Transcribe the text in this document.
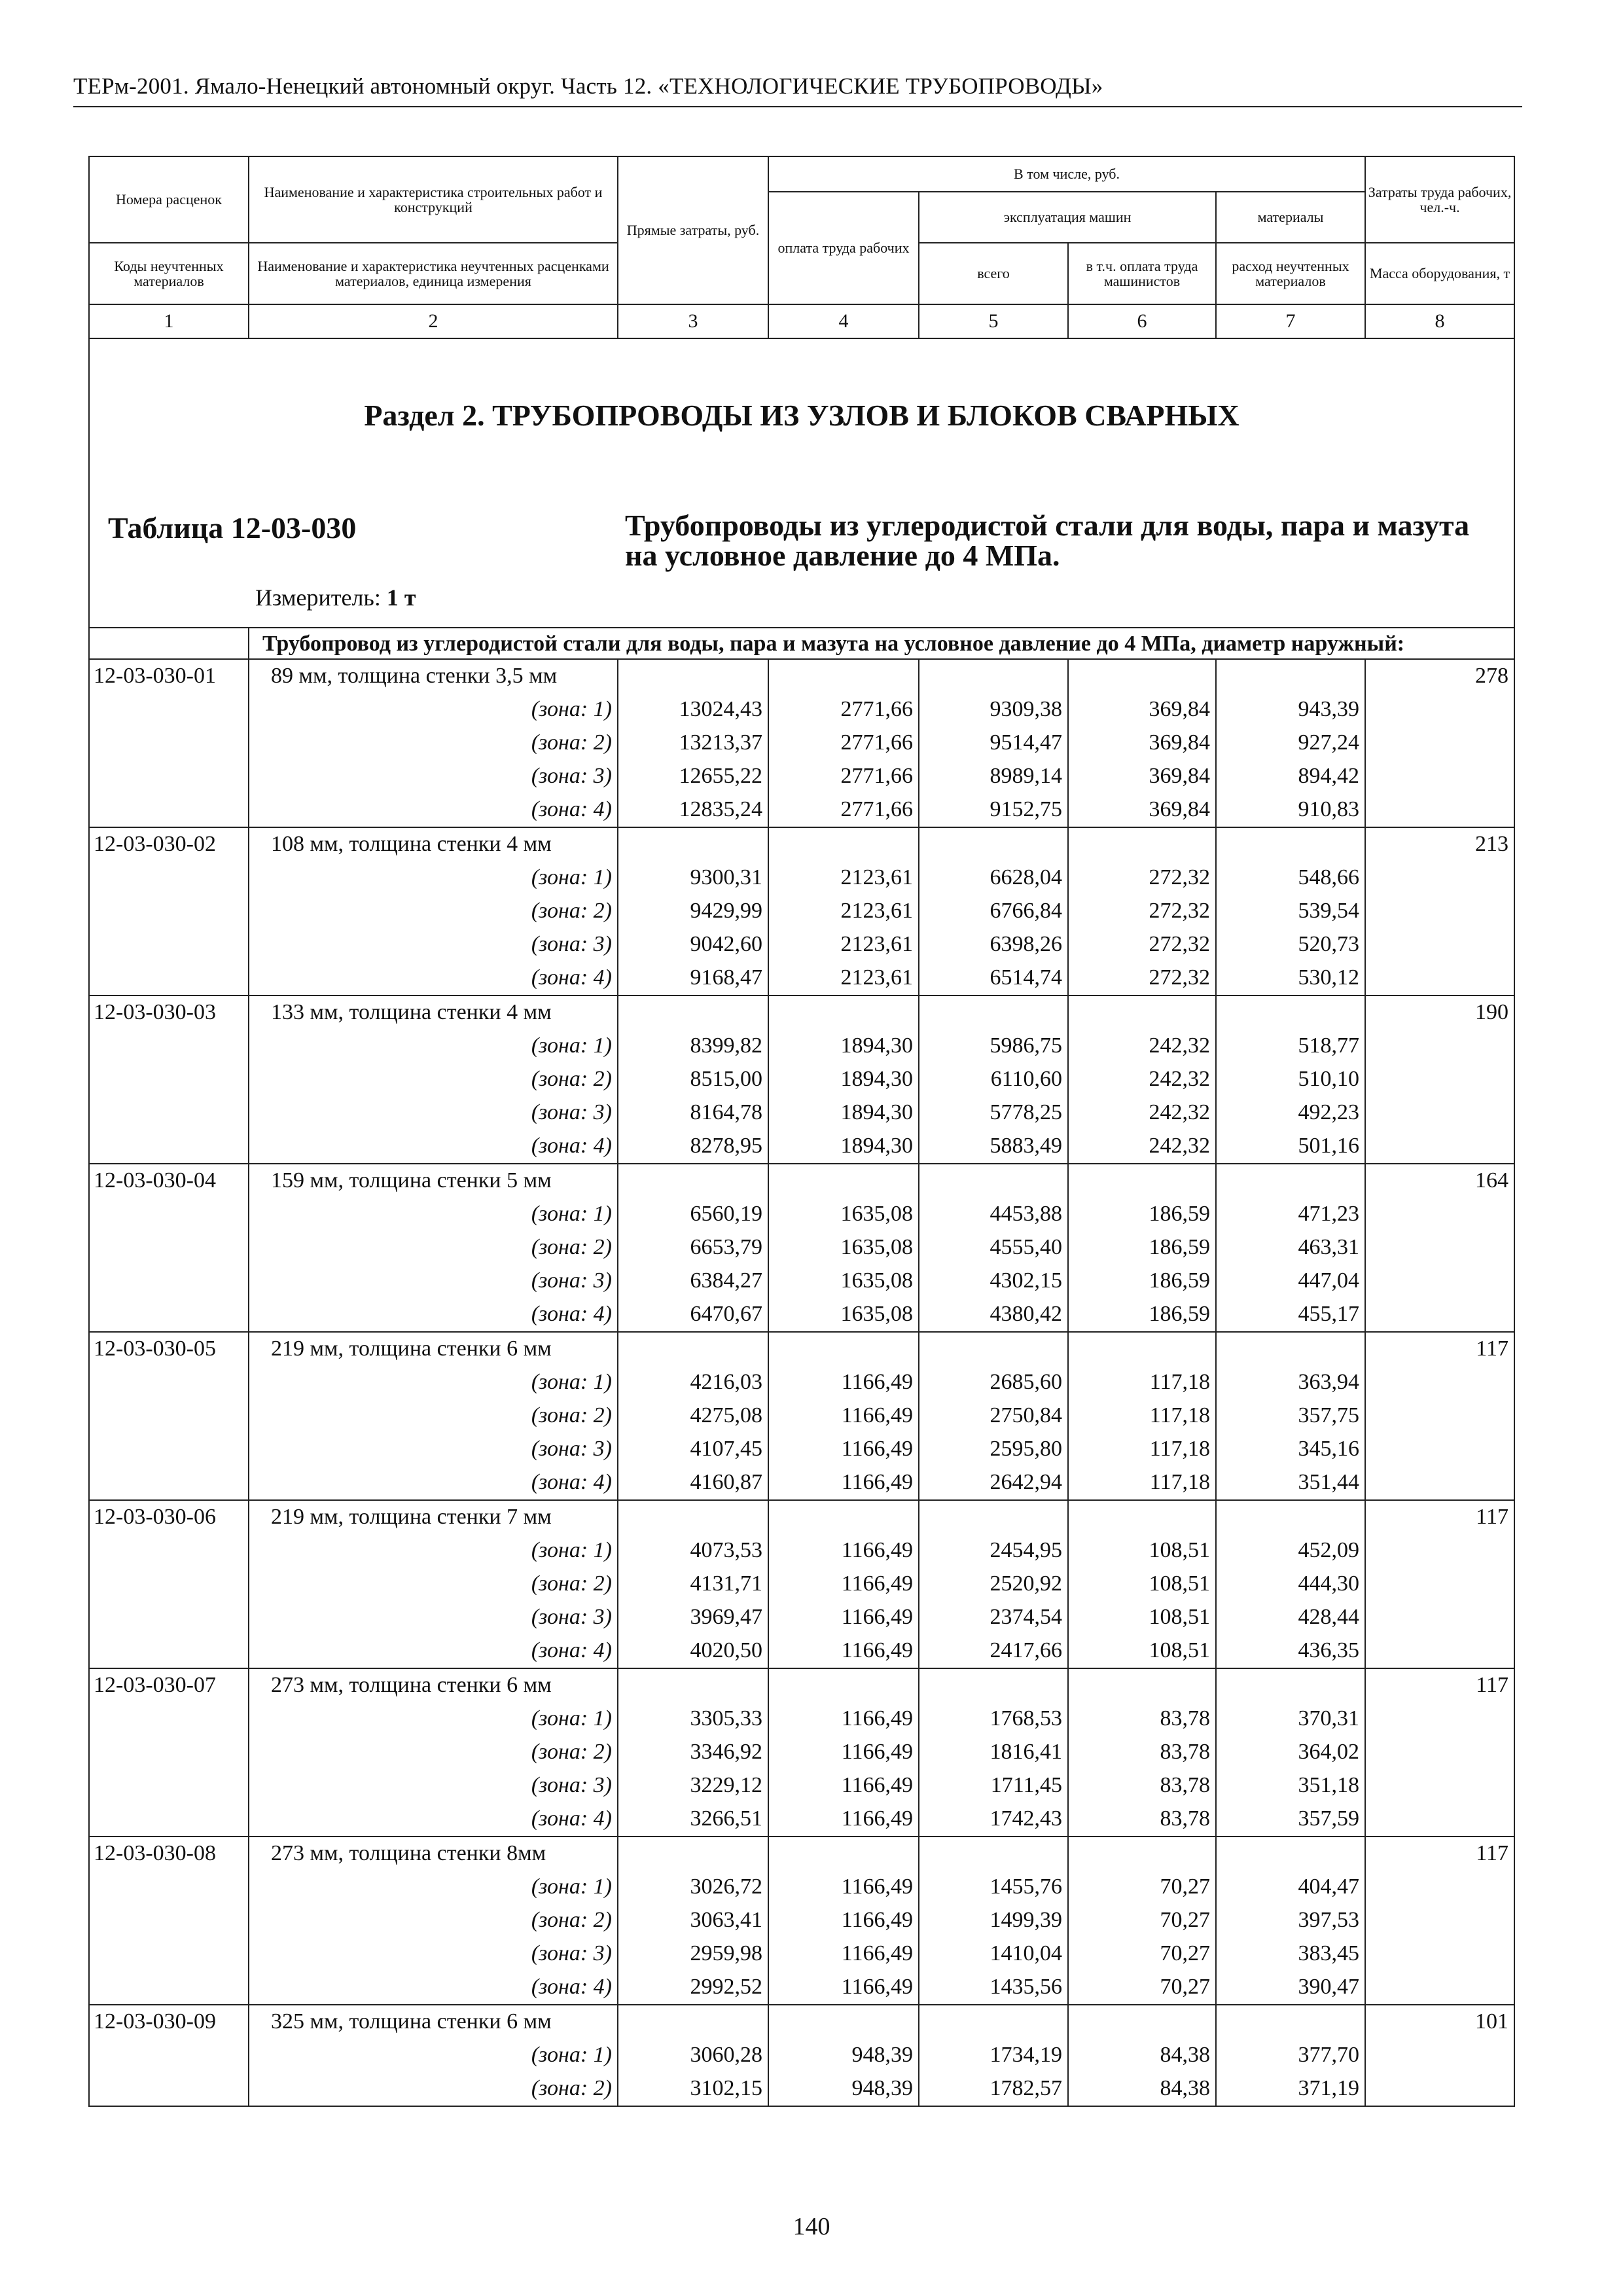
ТЕРм-2001. Ямало-Ненецкий автономный округ. Часть 12. «ТЕХНОЛОГИЧЕСКИЕ ТРУБОПРОВОДЫ»
Номера расценок	Наименование и характеристика строительных работ и конструкций	Прямые затраты, руб.	В том числе, руб.				Затраты труда рабочих, чел.-ч.
			оплата труда рабочих	эксплуатация машин		материалы	
Коды неучтенных материалов	Наименование и характеристика неучтенных расценками материалов, единица измерения			всего	в т.ч. оплата труда машинистов	расход неучтенных материалов	Масса оборудования, т
1	2	3	4	5	6	7	8

Раздел 2. ТРУБОПРОВОДЫ ИЗ УЗЛОВ И БЛОКОВ СВАРНЫХ
Таблица 12-03-030 Трубопроводы из углеродистой стали для воды, пара и мазута на условное давление до 4 МПа.
Измеритель: 1 т							

	Трубопровод из углеродистой стали для воды, пара и мазута на условное давление до 4 МПа, диаметр наружный:						
12-03-030-01	89 мм, толщина стенки 3,5 мм						278
	(зона: 1)	13024,43	2771,66	9309,38	369,84	943,39	
	(зона: 2)	13213,37	2771,66	9514,47	369,84	927,24	
	(зона: 3)	12655,22	2771,66	8989,14	369,84	894,42	
	(зона: 4)	12835,24	2771,66	9152,75	369,84	910,83	
12-03-030-02	108 мм, толщина стенки 4 мм						213
	(зона: 1)	9300,31	2123,61	6628,04	272,32	548,66	
	(зона: 2)	9429,99	2123,61	6766,84	272,32	539,54	
	(зона: 3)	9042,60	2123,61	6398,26	272,32	520,73	
	(зона: 4)	9168,47	2123,61	6514,74	272,32	530,12	
12-03-030-03	133 мм, толщина стенки 4 мм						190
	(зона: 1)	8399,82	1894,30	5986,75	242,32	518,77	
	(зона: 2)	8515,00	1894,30	6110,60	242,32	510,10	
	(зона: 3)	8164,78	1894,30	5778,25	242,32	492,23	
	(зона: 4)	8278,95	1894,30	5883,49	242,32	501,16	
12-03-030-04	159 мм, толщина стенки 5 мм						164
	(зона: 1)	6560,19	1635,08	4453,88	186,59	471,23	
	(зона: 2)	6653,79	1635,08	4555,40	186,59	463,31	
	(зона: 3)	6384,27	1635,08	4302,15	186,59	447,04	
	(зона: 4)	6470,67	1635,08	4380,42	186,59	455,17	
12-03-030-05	219 мм, толщина стенки 6 мм						117
	(зона: 1)	4216,03	1166,49	2685,60	117,18	363,94	
	(зона: 2)	4275,08	1166,49	2750,84	117,18	357,75	
	(зона: 3)	4107,45	1166,49	2595,80	117,18	345,16	
	(зона: 4)	4160,87	1166,49	2642,94	117,18	351,44	
12-03-030-06	219 мм, толщина стенки 7 мм						117
	(зона: 1)	4073,53	1166,49	2454,95	108,51	452,09	
	(зона: 2)	4131,71	1166,49	2520,92	108,51	444,30	
	(зона: 3)	3969,47	1166,49	2374,54	108,51	428,44	
	(зона: 4)	4020,50	1166,49	2417,66	108,51	436,35	
12-03-030-07	273 мм, толщина стенки 6 мм						117
	(зона: 1)	3305,33	1166,49	1768,53	83,78	370,31	
	(зона: 2)	3346,92	1166,49	1816,41	83,78	364,02	
	(зона: 3)	3229,12	1166,49	1711,45	83,78	351,18	
	(зона: 4)	3266,51	1166,49	1742,43	83,78	357,59	
12-03-030-08	273 мм, толщина стенки 8мм						117
	(зона: 1)	3026,72	1166,49	1455,76	70,27	404,47	
	(зона: 2)	3063,41	1166,49	1499,39	70,27	397,53	
	(зона: 3)	2959,98	1166,49	1410,04	70,27	383,45	
	(зона: 4)	2992,52	1166,49	1435,56	70,27	390,47	
12-03-030-09	325 мм, толщина стенки 6 мм						101
	(зона: 1)	3060,28	948,39	1734,19	84,38	377,70	
	(зона: 2)	3102,15	948,39	1782,57	84,38	371,19	
140
